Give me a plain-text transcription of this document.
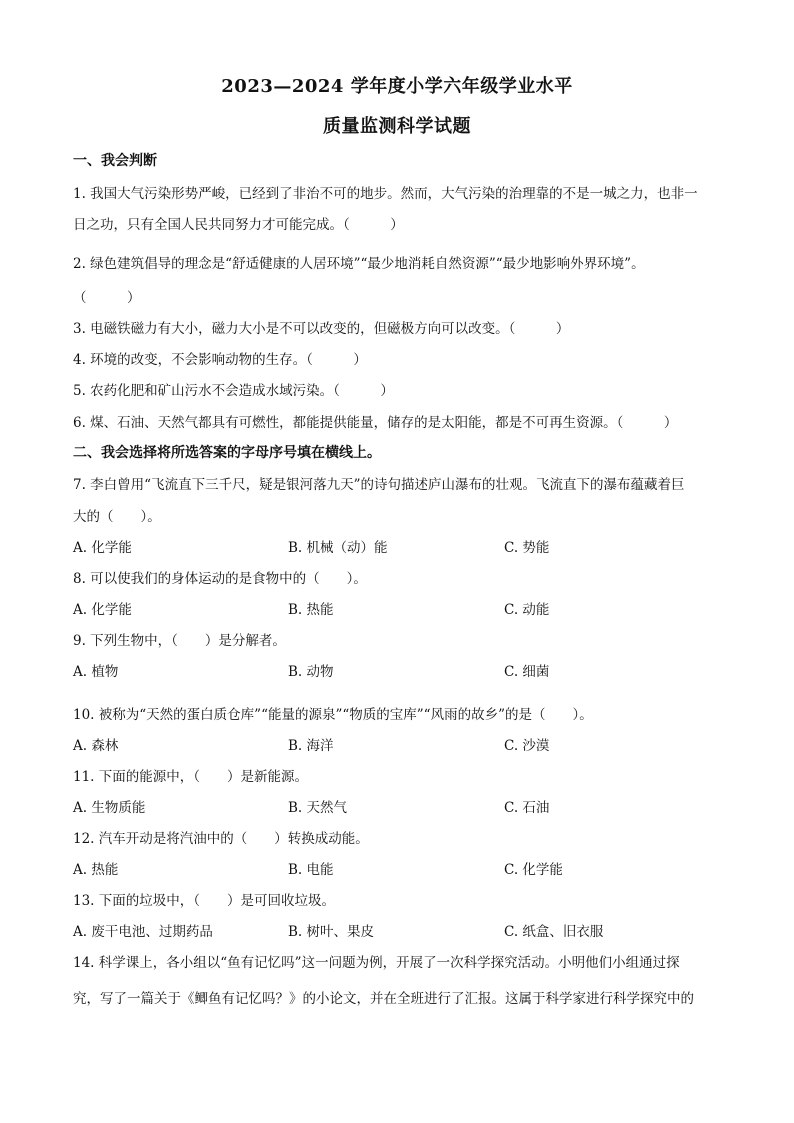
2023—2024 学年度小学六年级学业水平
质量监测科学试题
一、我会判断
1. 我国大气污染形势严峻，已经到了非治不可的地步。然而，大气污染的治理靠的不是一城之力，也非一
日之功，只有全国人民共同努力才可能完成。（　　　）
2. 绿色建筑倡导的理念是“舒适健康的人居环境”“最少地消耗自然资源”“最少地影响外界环境”。
（　　　）
3. 电磁铁磁力有大小，磁力大小是不可以改变的，但磁极方向可以改变。（　　　）
4. 环境的改变，不会影响动物的生存。（　　　）
5. 农药化肥和矿山污水不会造成水域污染。（　　　）
6. 煤、石油、天然气都具有可燃性，都能提供能量，储存的是太阳能，都是不可再生资源。（　　　）
二、我会选择将所选答案的字母序号填在横线上。
7. 李白曾用“飞流直下三千尺，疑是银河落九天”的诗句描述庐山瀑布的壮观。飞流直下的瀑布蕴藏着巨
大的（　　）。
A. 化学能	B. 机械（动）能	C. 势能
8. 可以使我们的身体运动的是食物中的（　　）。
A. 化学能	B. 热能	C. 动能
9. 下列生物中，（　　）是分解者。
A. 植物	B. 动物	C. 细菌
10. 被称为“天然的蛋白质仓库”“能量的源泉”“物质的宝库”“风雨的故乡”的是（　　）。
A. 森林	B. 海洋	C. 沙漠
11. 下面的能源中，（　　）是新能源。
A. 生物质能	B. 天然气	C. 石油
12. 汽车开动是将汽油中的（　　）转换成动能。
A. 热能	B. 电能	C. 化学能
13. 下面的垃圾中，（　　）是可回收垃圾。
A. 废干电池、过期药品	B. 树叶、果皮	C. 纸盒、旧衣服
14. 科学课上，各小组以“鱼有记忆吗”这一问题为例，开展了一次科学探究活动。小明他们小组通过探
究，写了一篇关于《鲫鱼有记忆吗？》的小论文，并在全班进行了汇报。这属于科学家进行科学探究中的
